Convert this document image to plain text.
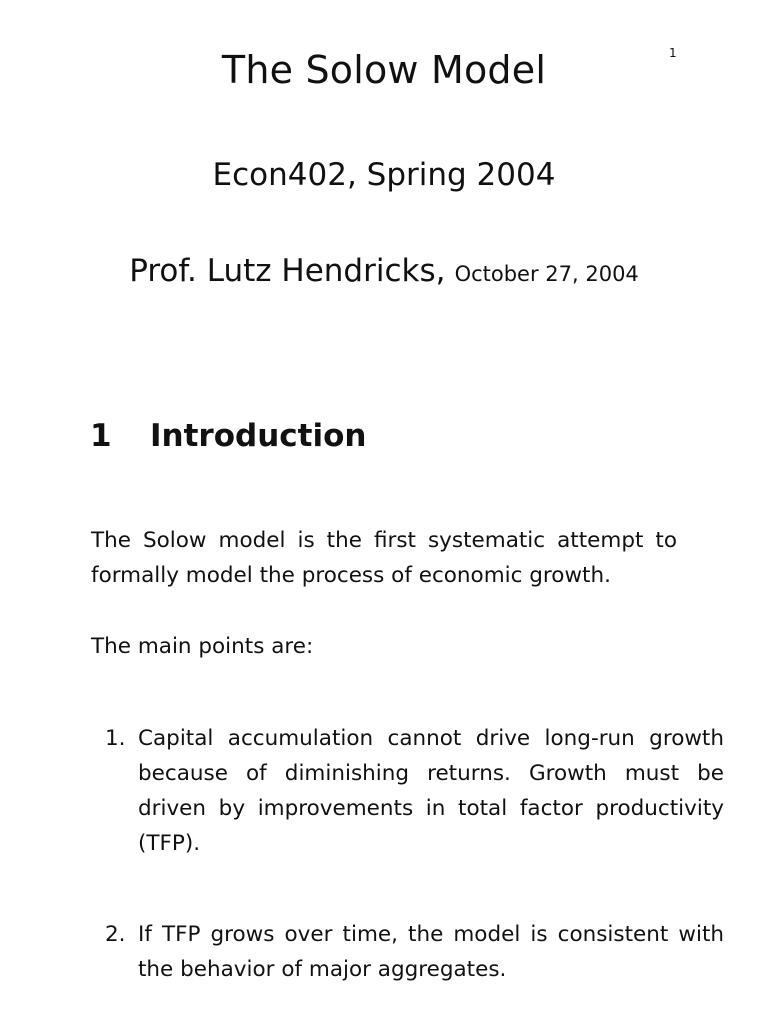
1
The Solow Model
Econ402, Spring 2004
Prof. Lutz Hendricks, October 27, 2004
1 Introduction

The Solow model is the first systematic attempt to formally model the process of economic growth.

The main points are:

1. Capital accumulation cannot drive long-run growth because of diminishing returns. Growth must be driven by improvements in total factor productivity (TFP).
2. If TFP grows over time, the model is consistent with the behavior of major aggregates.
